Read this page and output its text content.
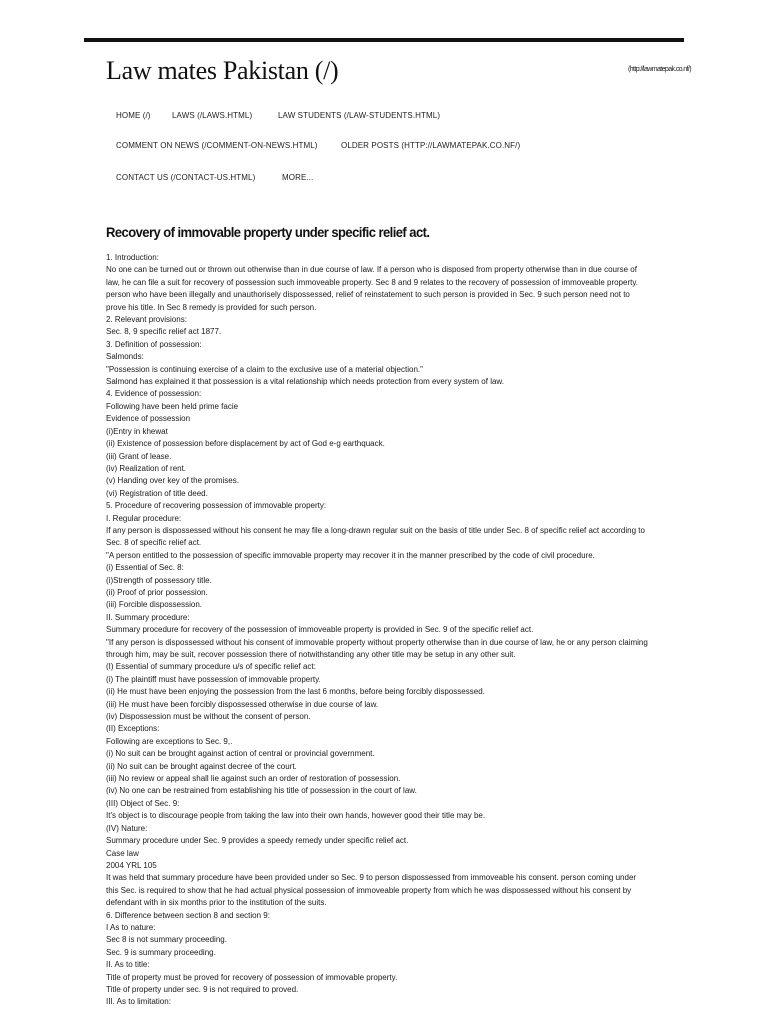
Law mates Pakistan (/)	(http://lawmatepak.co.nf/)
HOME (/)	LAWS (/LAWS.HTML)	LAW STUDENTS (/LAW-STUDENTS.HTML)
COMMENT ON NEWS (/COMMENT-ON-NEWS.HTML)	OLDER POSTS (HTTP://LAWMATEPAK.CO.NF/)
CONTACT US (/CONTACT-US.HTML)	MORE...
Recovery of immovable property under specific relief act.
1. Introduction:
No one can be turned out or thrown out otherwise than in due course of law. If a person who is disposed from property otherwise than in due course of
law, he can file a suit for recovery of possession such immoveable property. Sec 8 and 9 relates to the recovery of possession of immoveable property.
person who have been illegally and unauthorisely dispossessed, relief of reinstatement to such person is provided in Sec. 9 such person need not to
prove his title. In Sec 8 remedy is provided for such person.
2. Relevant provisions:
Sec. 8, 9 specific relief act 1877.
3. Definition of possession:
Salmonds:
"Possession is continuing exercise of a claim to the exclusive use of a material objection."
Salmond has explained it that possession is a vital relationship which needs protection from every system of law.
4. Evidence of possession:
Following have been held prime facie
Evidence of possession
(i)Entry in khewat
(ii) Existence of possession before displacement by act of God e-g earthquack.
(iii) Grant of lease.
(iv) Realization of rent.
(v) Handing over key of the promises.
(vi) Registration of title deed.
5. Procedure of recovering possession of immovable property:
I. Regular procedure:
If any person is dispossessed without his consent he may file a long-drawn regular suit on the basis of title under Sec. 8 of specific relief act according to
Sec. 8 of specific relief act.
"A person entitled to the possession of specific immovable property may recover it in the manner prescribed by the code of civil procedure.
(i) Essential of Sec. 8:
(i)Strength of possessory title.
(ii) Proof of prior possession.
(iii) Forcible dispossession.
II. Summary procedure:
Summary procedure for recovery of the possession of immoveable property is provided in Sec. 9 of the specific relief act.
"If any person is dispossessed without his consent of immovable property without property otherwise than in due course of law, he or any person claiming
through him, may be suit, recover possession there of notwithstanding any other title may be setup in any other suit.
(I) Essential of summary procedure u/s of specific relief act:
(i) The plaintiff must have possession of immovable property.
(ii) He must have been enjoying the possession from the last 6 months, before being forcibly dispossessed.
(iii) He must have been forcibly dispossessed otherwise in due course of law.
(iv) Dispossession must be without the consent of person.
(II) Exceptions:
Following are exceptions to Sec. 9,.
(i) No suit can be brought against action of central or provincial government.
(ii) No suit can be brought against decree of the court.
(iii) No review or appeal shall lie against such an order of restoration of possession.
(iv) No one can be restrained from establishing his title of possession in the court of law.
(III) Object of Sec. 9:
It's object is to discourage people from taking the law into their own hands, however good their title may be.
(IV) Nature:
Summary procedure under Sec. 9 provides a speedy remedy under specific relief act.
Case law
2004 YRL 105
It was held that summary procedure have been provided under so Sec. 9 to person dispossessed from immoveable his consent. person coming under
this Sec. is required to show that he had actual physical possession of immoveable property from which he was dispossessed without his consent by
defendant with in six months prior to the institution of the suits.
6. Difference between section 8 and section 9:
I As to nature:
Sec 8 is not summary proceeding.
Sec. 9 is summary proceeding.
II. As to title:
Title of property must be proved for recovery of possession of immovable property.
Title of property under sec. 9 is not required to proved.
III. As to limitation:
